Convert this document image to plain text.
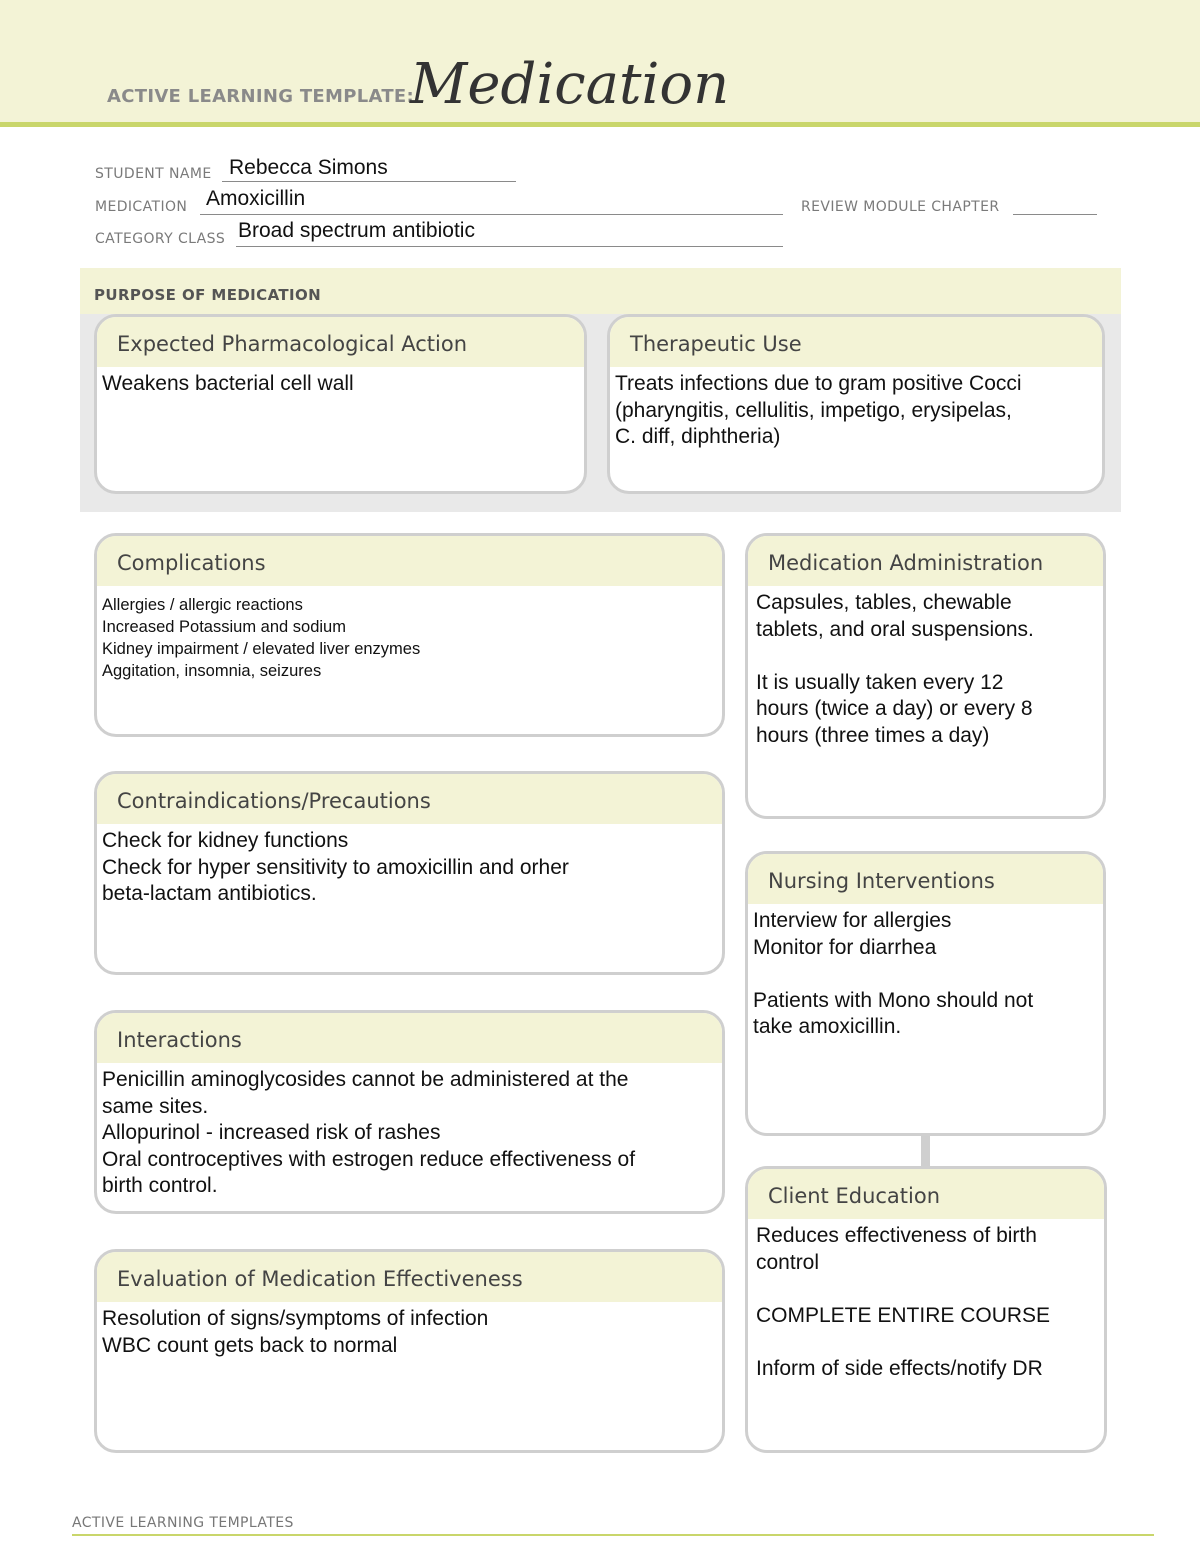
ACTIVE LEARNING TEMPLATE:
Medication
STUDENT NAME Rebecca Simons
MEDICATION Amoxicillin	REVIEW MODULE CHAPTER
CATEGORY CLASS Broad spectrum antibiotic
PURPOSE OF MEDICATION
Expected Pharmacological Action
Weakens bacterial cell wall
Therapeutic Use
Treats infections due to gram positive Cocci
(pharyngitis, cellulitis, impetigo, erysipelas,
C. diff, diphtheria)
Complications
Allergies / allergic reactions
Increased Potassium and sodium
Kidney impairment / elevated liver enzymes
Aggitation, insomnia, seizures
Contraindications/Precautions
Check for kidney functions
Check for hyper sensitivity to amoxicillin and orher
beta-lactam antibiotics.
Interactions
Penicillin aminoglycosides cannot be administered at the
same sites.
Allopurinol - increased risk of rashes
Oral controceptives with estrogen reduce effectiveness of
birth control.
Evaluation of Medication Effectiveness
Resolution of signs/symptoms of infection
WBC count gets back to normal
Medication Administration
Capsules, tables, chewable
tablets, and oral suspensions.

It is usually taken every 12
hours (twice a day) or every 8
hours (three times a day)
Nursing Interventions
Interview for allergies
Monitor for diarrhea

Patients with Mono should not
take amoxicillin.
Client Education
Reduces effectiveness of birth
control

COMPLETE ENTIRE COURSE

Inform of side effects/notify DR
ACTIVE LEARNING TEMPLATES
